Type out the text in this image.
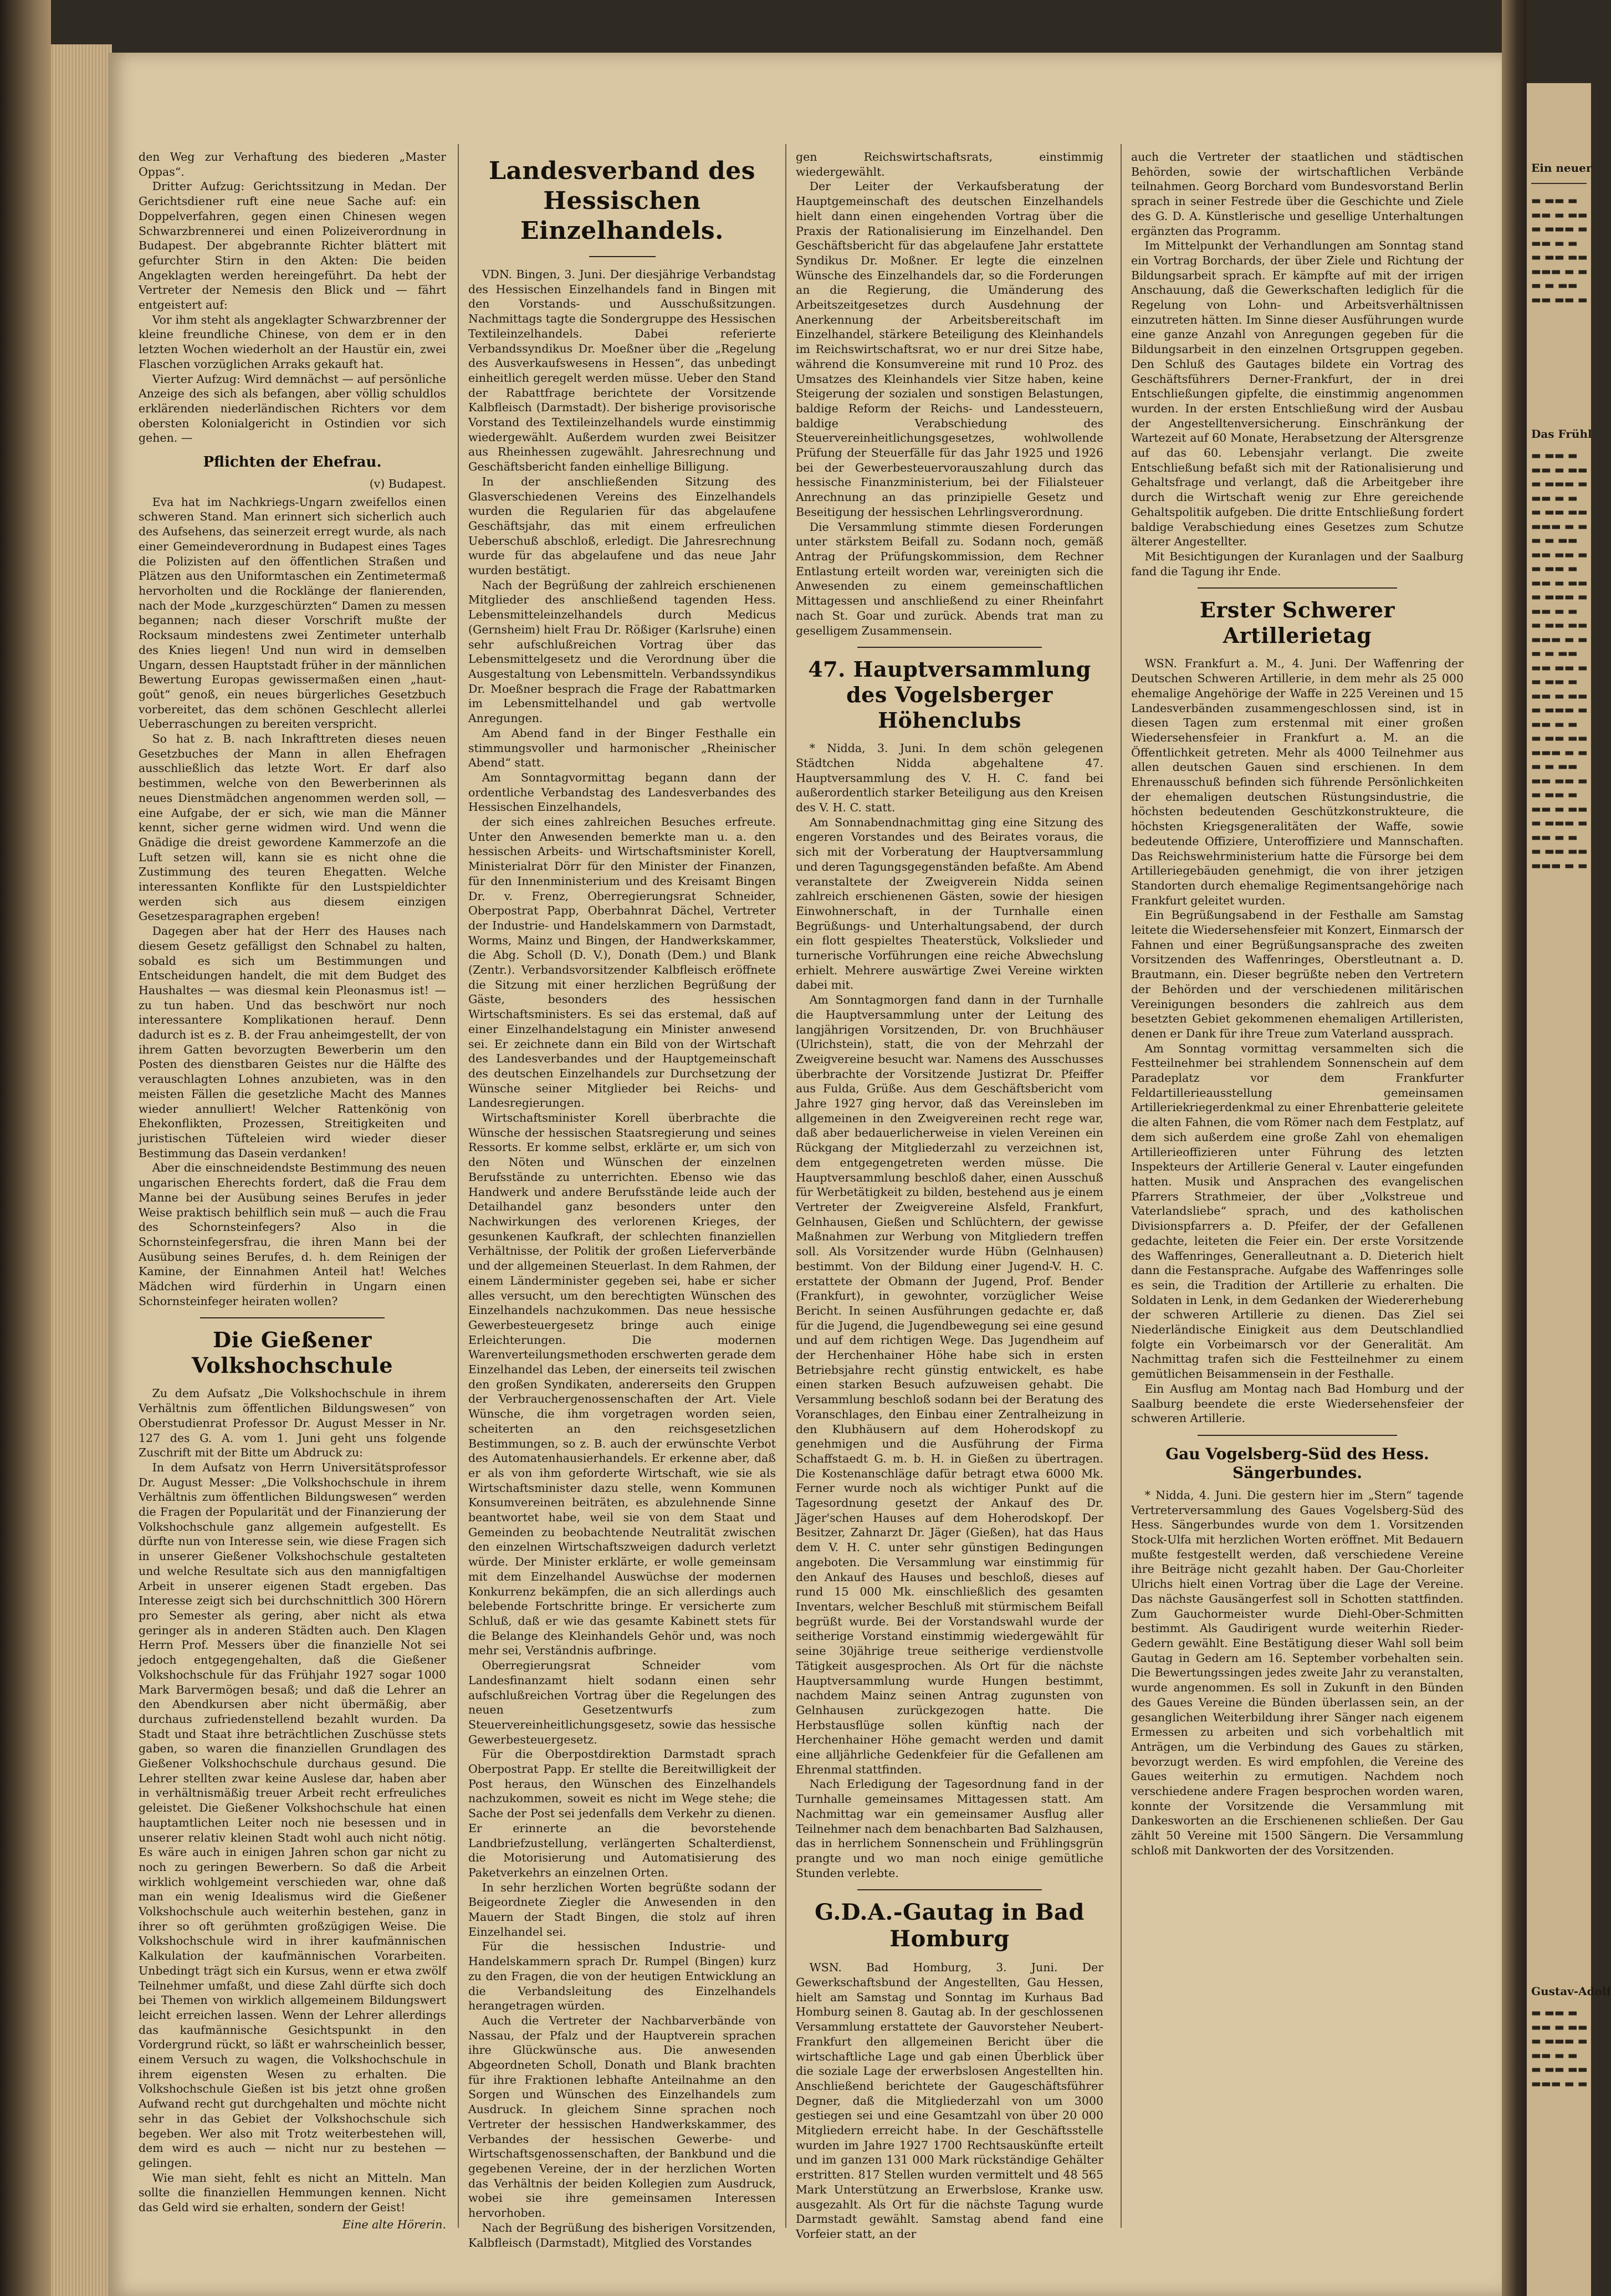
den Weg zur Verhaftung des biederen „Master Oppas“.

Dritter Aufzug: Gerichtssitzung in Medan. Der Gerichtsdiener ruft eine neue Sache auf: ein Doppelverfahren, gegen einen Chinesen wegen Schwarzbrennerei und einen Polizeiverordnung in Budapest. Der abgebrannte Richter blättert mit gefurchter Stirn in den Akten: Die beiden Angeklagten werden hereingeführt. Da hebt der Vertreter der Nemesis den Blick und — fährt entgeistert auf:

Vor ihm steht als angeklagter Schwarzbrenner der kleine freundliche Chinese, von dem er in den letzten Wochen wiederholt an der Haustür ein, zwei Flaschen vorzüglichen Arraks gekauft hat.

Vierter Aufzug: Wird demnächst — auf persönliche Anzeige des sich als befangen, aber völlig schuldlos erklärenden niederländischen Richters vor dem obersten Kolonialgericht in Ostindien vor sich gehen. —

Pflichten der Ehefrau.
(v) Budapest.

Eva hat im Nachkriegs-Ungarn zweifellos einen schweren Stand. Man erinnert sich sicherlich auch des Aufsehens, das seinerzeit erregt wurde, als nach einer Gemeindeverordnung in Budapest eines Tages die Polizisten auf den öffentlichen Straßen und Plätzen aus den Uniformtaschen ein Zentimetermaß hervorholten und die Rocklänge der flanierenden, nach der Mode „kurzgeschürzten“ Damen zu messen begannen; nach dieser Vorschrift mußte der Rocksaum mindestens zwei Zentimeter unterhalb des Knies liegen! Und nun wird in demselben Ungarn, dessen Hauptstadt früher in der männlichen Bewertung Europas gewissermaßen einen „haut-goût“ genoß, ein neues bürgerliches Gesetzbuch vorbereitet, das dem schönen Geschlecht allerlei Ueberraschungen zu bereiten verspricht.

So hat z. B. nach Inkrafttreten dieses neuen Gesetzbuches der Mann in allen Ehefragen ausschließlich das letzte Wort. Er darf also bestimmen, welche von den Bewerberinnen als neues Dienstmädchen angenommen werden soll, — eine Aufgabe, der er sich, wie man die Männer kennt, sicher gerne widmen wird. Und wenn die Gnädige die dreist gewordene Kammerzofe an die Luft setzen will, kann sie es nicht ohne die Zustimmung des teuren Ehegatten. Welche interessanten Konflikte für den Lustspieldichter werden sich aus diesem einzigen Gesetzesparagraphen ergeben!

Dagegen aber hat der Herr des Hauses nach diesem Gesetz gefälligst den Schnabel zu halten, sobald es sich um Bestimmungen und Entscheidungen handelt, die mit dem Budget des Haushaltes — was diesmal kein Pleonasmus ist! — zu tun haben. Und das beschwört nur noch interessantere Komplikationen herauf. Denn dadurch ist es z. B. der Frau anheimgestellt, der von ihrem Gatten bevorzugten Bewerberin um den Posten des dienstbaren Geistes nur die Hälfte des verauschlagten Lohnes anzubieten, was in den meisten Fällen die gesetzliche Macht des Mannes wieder annulliert! Welcher Rattenkönig von Ehekonflikten, Prozessen, Streitigkeiten und juristischen Tüfteleien wird wieder dieser Bestimmung das Dasein verdanken!

Aber die einschneidendste Bestimmung des neuen ungarischen Eherechts fordert, daß die Frau dem Manne bei der Ausübung seines Berufes in jeder Weise praktisch behilflich sein muß — auch die Frau des Schornsteinfegers? Also in die Schornsteinfegersfrau, die ihren Mann bei der Ausübung seines Berufes, d. h. dem Reinigen der Kamine, der Einnahmen Anteil hat! Welches Mädchen wird fürderhin in Ungarn einen Schornsteinfeger heiraten wollen?

Die Gießener Volkshochschule

Zu dem Aufsatz „Die Volkshochschule in ihrem Verhältnis zum öffentlichen Bildungswesen“ von Oberstudienrat Professor Dr. August Messer in Nr. 127 des G. A. vom 1. Juni geht uns folgende Zuschrift mit der Bitte um Abdruck zu:

In dem Aufsatz von Herrn Universitätsprofessor Dr. August Messer: „Die Volkshochschule in ihrem Verhältnis zum öffentlichen Bildungswesen“ werden die Fragen der Popularität und der Finanzierung der Volkshochschule ganz allgemein aufgestellt. Es dürfte nun von Interesse sein, wie diese Fragen sich in unserer Gießener Volkshochschule gestalteten und welche Resultate sich aus den mannigfaltigen Arbeit in unserer eigenen Stadt ergeben. Das Interesse zeigt sich bei durchschnittlich 300 Hörern pro Semester als gering, aber nicht als etwa geringer als in anderen Städten auch. Den Klagen Herrn Prof. Messers über die finanzielle Not sei jedoch entgegengehalten, daß die Gießener Volkshochschule für das Frühjahr 1927 sogar 1000 Mark Barvermögen besaß; und daß die Lehrer an den Abendkursen aber nicht übermäßig, aber durchaus zufriedenstellend bezahlt wurden. Da Stadt und Staat ihre beträchtlichen Zuschüsse stets gaben, so waren die finanziellen Grundlagen des Gießener Volkshochschule durchaus gesund. Die Lehrer stellten zwar keine Auslese dar, haben aber in verhältnismäßig treuer Arbeit recht erfreuliches geleistet. Die Gießener Volkshochschule hat einen hauptamtlichen Leiter noch nie besessen und in unserer relativ kleinen Stadt wohl auch nicht nötig. Es wäre auch in einigen Jahren schon gar nicht zu noch zu geringen Bewerbern. So daß die Arbeit wirklich wohlgemeint verschieden war, ohne daß man ein wenig Idealismus wird die Gießener Volkshochschule auch weiterhin bestehen, ganz in ihrer so oft gerühmten großzügigen Weise. Die Volkshochschule wird in ihrer kaufmännischen Kalkulation der kaufmännischen Vorarbeiten. Unbedingt trägt sich ein Kursus, wenn er etwa zwölf Teilnehmer umfaßt, und diese Zahl dürfte sich doch bei Themen von wirklich allgemeinem Bildungswert leicht erreichen lassen. Wenn der Lehrer allerdings das kaufmännische Gesichtspunkt in den Vordergrund rückt, so läßt er wahrscheinlich besser, einem Versuch zu wagen, die Volkshochschule in ihrem eigensten Wesen zu erhalten. Die Volkshochschule Gießen ist bis jetzt ohne großen Aufwand recht gut durchgehalten und möchte nicht sehr in das Gebiet der Volkshochschule sich begeben. Wer also mit Trotz weiterbestehen will, dem wird es auch — nicht nur zu bestehen — gelingen.

Wie man sieht, fehlt es nicht an Mitteln. Man sollte die finanziellen Hemmungen kennen. Nicht das Geld wird sie erhalten, sondern der Geist!

Eine alte Hörerin.
Landesverband des Hessischen Einzelhandels.

VDN. Bingen, 3. Juni. Der diesjährige Verbandstag des Hessischen Einzelhandels fand in Bingen mit den Vorstands- und Ausschußsitzungen. Nachmittags tagte die Sondergruppe des Hessischen Textileinzelhandels. Dabei referierte Verbandssyndikus Dr. Moeßner über die „Regelung des Ausverkaufswesens in Hessen“, das unbedingt einheitlich geregelt werden müsse. Ueber den Stand der Rabattfrage berichtete der Vorsitzende Kalbfleisch (Darmstadt). Der bisherige provisorische Vorstand des Textileinzelhandels wurde einstimmig wiedergewählt. Außerdem wurden zwei Beisitzer aus Rheinhessen zugewählt. Jahresrechnung und Geschäftsbericht fanden einhellige Billigung.

In der anschließenden Sitzung des Glasverschiedenen Vereins des Einzelhandels wurden die Regularien für das abgelaufene Geschäftsjahr, das mit einem erfreulichen Ueberschuß abschloß, erledigt. Die Jahresrechnung wurde für das abgelaufene und das neue Jahr wurden bestätigt.

Nach der Begrüßung der zahlreich erschienenen Mitglieder des anschließend tagenden Hess. Lebensmitteleinzelhandels durch Medicus (Gernsheim) hielt Frau Dr. Rößiger (Karlsruhe) einen sehr aufschlußreichen Vortrag über das Lebensmittelgesetz und die Verordnung über die Ausgestaltung von Lebensmitteln. Verbandssyndikus Dr. Moeßner besprach die Frage der Rabattmarken im Lebensmittelhandel und gab wertvolle Anregungen.

Am Abend fand in der Binger Festhalle ein stimmungsvoller und harmonischer „Rheinischer Abend“ statt.

Am Sonntagvormittag begann dann der ordentliche Verbandstag des Landesverbandes des Hessischen Einzelhandels,

der sich eines zahlreichen Besuches erfreute. Unter den Anwesenden bemerkte man u. a. den hessischen Arbeits- und Wirtschaftsminister Korell, Ministerialrat Dörr für den Minister der Finanzen, für den Innenministerium und des Kreisamt Bingen Dr. v. Frenz, Oberregierungsrat Schneider, Oberpostrat Papp, Oberbahnrat Dächel, Vertreter der Industrie- und Handelskammern von Darmstadt, Worms, Mainz und Bingen, der Handwerkskammer, die Abg. Scholl (D. V.), Donath (Dem.) und Blank (Zentr.). Verbandsvorsitzender Kalbfleisch eröffnete die Sitzung mit einer herzlichen Begrüßung der Gäste, besonders des hessischen Wirtschaftsministers. Es sei das erstemal, daß auf einer Einzelhandelstagung ein Minister anwesend sei. Er zeichnete dann ein Bild von der Wirtschaft des Landesverbandes und der Hauptgemeinschaft des deutschen Einzelhandels zur Durchsetzung der Wünsche seiner Mitglieder bei Reichs- und Landesregierungen.

Wirtschaftsminister Korell überbrachte die Wünsche der hessischen Staatsregierung und seines Ressorts. Er komme selbst, erklärte er, um sich von den Nöten und Wünschen der einzelnen Berufsstände zu unterrichten. Ebenso wie das Handwerk und andere Berufsstände leide auch der Detailhandel ganz besonders unter den Nachwirkungen des verlorenen Krieges, der gesunkenen Kaufkraft, der schlechten finanziellen Verhältnisse, der Politik der großen Lieferverbände und der allgemeinen Steuerlast. In dem Rahmen, der einem Länderminister gegeben sei, habe er sicher alles versucht, um den berechtigten Wünschen des Einzelhandels nachzukommen. Das neue hessische Gewerbesteuergesetz bringe auch einige Erleichterungen. Die modernen Warenverteilungsmethoden erschwerten gerade dem Einzelhandel das Leben, der einerseits teil zwischen den großen Syndikaten, andererseits den Gruppen der Verbrauchergenossenschaften der Art. Viele Wünsche, die ihm vorgetragen worden seien, scheiterten an den reichsgesetzlichen Bestimmungen, so z. B. auch der erwünschte Verbot des Automatenhausierhandels. Er erkenne aber, daß er als von ihm geforderte Wirtschaft, wie sie als Wirtschaftsminister dazu stelle, wenn Kommunen Konsumvereinen beiträten, es abzulehnende Sinne beantwortet habe, weil sie von dem Staat und Gemeinden zu beobachtende Neutralität zwischen den einzelnen Wirtschaftszweigen dadurch verletzt würde. Der Minister erklärte, er wolle gemeinsam mit dem Einzelhandel Auswüchse der modernen Konkurrenz bekämpfen, die an sich allerdings auch belebende Fortschritte bringe. Er versicherte zum Schluß, daß er wie das gesamte Kabinett stets für die Belange des Kleinhandels Gehör und, was noch mehr sei, Verständnis aufbringe.

Oberregierungsrat Schneider vom Landesfinanzamt hielt sodann einen sehr aufschlußreichen Vortrag über die Regelungen des neuen Gesetzentwurfs zum Steuervereinheitlichungsgesetz, sowie das hessische Gewerbesteuergesetz.

Für die Oberpostdirektion Darmstadt sprach Oberpostrat Papp. Er stellte die Bereitwilligkeit der Post heraus, den Wünschen des Einzelhandels nachzukommen, soweit es nicht im Wege stehe; die Sache der Post sei jedenfalls dem Verkehr zu dienen. Er erinnerte an die bevorstehende Landbriefzustellung, verlängerten Schalterdienst, die Motorisierung und Automatisierung des Paketverkehrs an einzelnen Orten.

In sehr herzlichen Worten begrüßte sodann der Beigeordnete Ziegler die Anwesenden in den Mauern der Stadt Bingen, die stolz auf ihren Einzelhandel sei.

Für die hessischen Industrie- und Handelskammern sprach Dr. Rumpel (Bingen) kurz zu den Fragen, die von der heutigen Entwicklung an die Verbandsleitung des Einzelhandels herangetragen würden.

Auch die Vertreter der Nachbarverbände von Nassau, der Pfalz und der Hauptverein sprachen ihre Glückwünsche aus. Die anwesenden Abgeordneten Scholl, Donath und Blank brachten für ihre Fraktionen lebhafte Anteilnahme an den Sorgen und Wünschen des Einzelhandels zum Ausdruck. In gleichem Sinne sprachen noch Vertreter der hessischen Handwerkskammer, des Verbandes der hessischen Gewerbe- und Wirtschaftsgenossenschaften, der Bankbund und die gegebenen Vereine, der in der herzlichen Worten das Verhältnis der beiden Kollegien zum Ausdruck, wobei sie ihre gemeinsamen Interessen hervorhoben.

Nach der Begrüßung des bisherigen Vorsitzenden, Kalbfleisch (Darmstadt), Mitglied des Vorstandes

gen Reichswirtschaftsrats, einstimmig wiedergewählt.

Der Leiter der Verkaufsberatung der Hauptgemeinschaft des deutschen Einzelhandels hielt dann einen eingehenden Vortrag über die Praxis der Rationalisierung im Einzelhandel. Den Geschäftsbericht für das abgelaufene Jahr erstattete Syndikus Dr. Moßner. Er legte die einzelnen Wünsche des Einzelhandels dar, so die Forderungen an die Regierung, die Umänderung des Arbeitszeitgesetzes durch Ausdehnung der Anerkennung der Arbeitsbereitschaft im Einzelhandel, stärkere Beteiligung des Kleinhandels im Reichswirtschaftsrat, wo er nur drei Sitze habe, während die Konsumvereine mit rund 10 Proz. des Umsatzes des Kleinhandels vier Sitze haben, keine Steigerung der sozialen und sonstigen Belastungen, baldige Reform der Reichs- und Landessteuern, baldige Verabschiedung des Steuervereinheitlichungsgesetzes, wohlwollende Prüfung der Steuerfälle für das Jahr 1925 und 1926 bei der Gewerbesteuervorauszahlung durch das hessische Finanzministerium, bei der Filialsteuer Anrechnung an das prinzipielle Gesetz und Beseitigung der hessischen Lehrlingsverordnung.

Die Versammlung stimmte diesen Forderungen unter stärkstem Beifall zu. Sodann noch, gemäß Antrag der Prüfungskommission, dem Rechner Entlastung erteilt worden war, vereinigten sich die Anwesenden zu einem gemeinschaftlichen Mittagessen und anschließend zu einer Rheinfahrt nach St. Goar und zurück. Abends trat man zu geselligem Zusammensein.

47. Hauptversammlung des Vogelsberger Höhenclubs

* Nidda, 3. Juni. In dem schön gelegenen Städtchen Nidda abgehaltene 47. Hauptversammlung des V. H. C. fand bei außerordentlich starker Beteiligung aus den Kreisen des V. H. C. statt.

Am Sonnabendnachmittag ging eine Sitzung des engeren Vorstandes und des Beirates voraus, die sich mit der Vorberatung der Hauptversammlung und deren Tagungsgegenständen befaßte. Am Abend veranstaltete der Zweigverein Nidda seinen zahlreich erschienenen Gästen, sowie der hiesigen Einwohnerschaft, in der Turnhalle einen Begrüßungs- und Unterhaltungsabend, der durch ein flott gespieltes Theaterstück, Volkslieder und turnerische Vorführungen eine reiche Abwechslung erhielt. Mehrere auswärtige Zwei Vereine wirkten dabei mit.

Am Sonntagmorgen fand dann in der Turnhalle die Hauptversammlung unter der Leitung des langjährigen Vorsitzenden, Dr. von Bruchhäuser (Ulrichstein), statt, die von der Mehrzahl der Zweigvereine besucht war. Namens des Ausschusses überbrachte der Vorsitzende Justizrat Dr. Pfeiffer aus Fulda, Grüße. Aus dem Geschäftsbericht vom Jahre 1927 ging hervor, daß das Vereinsleben im allgemeinen in den Zweigvereinen recht rege war, daß aber bedauerlicherweise in vielen Vereinen ein Rückgang der Mitgliederzahl zu verzeichnen ist, dem entgegengetreten werden müsse. Die Hauptversammlung beschloß daher, einen Ausschuß für Werbetätigkeit zu bilden, bestehend aus je einem Vertreter der Zweigvereine Alsfeld, Frankfurt, Gelnhausen, Gießen und Schlüchtern, der gewisse Maßnahmen zur Werbung von Mitgliedern treffen soll. Als Vorsitzender wurde Hübn (Gelnhausen) bestimmt. Von der Bildung einer Jugend-V. H. C. erstattete der Obmann der Jugend, Prof. Bender (Frankfurt), in gewohnter, vorzüglicher Weise Bericht. In seinen Ausführungen gedachte er, daß für die Jugend, die Jugendbewegung sei eine gesund und auf dem richtigen Wege. Das Jugendheim auf der Herchenhainer Höhe habe sich in ersten Betriebsjahre recht günstig entwickelt, es habe einen starken Besuch aufzuweisen gehabt. Die Versammlung beschloß sodann bei der Beratung des Voranschlages, den Einbau einer Zentralheizung in den Klubhäusern auf dem Hoherodskopf zu genehmigen und die Ausführung der Firma Schaffstaedt G. m. b. H. in Gießen zu übertragen. Die Kostenanschläge dafür betragt etwa 6000 Mk. Ferner wurde noch als wichtiger Punkt auf die Tagesordnung gesetzt der Ankauf des Dr. Jäger'schen Hauses auf dem Hoherodskopf. Der Besitzer, Zahnarzt Dr. Jäger (Gießen), hat das Haus dem V. H. C. unter sehr günstigen Bedingungen angeboten. Die Versammlung war einstimmig für den Ankauf des Hauses und beschloß, dieses auf rund 15 000 Mk. einschließlich des gesamten Inventars, welcher Beschluß mit stürmischem Beifall begrüßt wurde. Bei der Vorstandswahl wurde der seitherige Vorstand einstimmig wiedergewählt für seine 30jährige treue seitherige verdienstvolle Tätigkeit ausgesprochen. Als Ort für die nächste Hauptversammlung wurde Hungen bestimmt, nachdem Mainz seinen Antrag zugunsten von Gelnhausen zurückgezogen hatte. Die Herbstausflüge sollen künftig nach der Herchenhainer Höhe gemacht werden und damit eine alljährliche Gedenkfeier für die Gefallenen am Ehrenmal stattfinden.

Nach Erledigung der Tagesordnung fand in der Turnhalle gemeinsames Mittagessen statt. Am Nachmittag war ein gemeinsamer Ausflug aller Teilnehmer nach dem benachbarten Bad Salzhausen, das in herrlichem Sonnenschein und Frühlingsgrün prangte und wo man noch einige gemütliche Stunden verlebte.

G.D.A.-Gautag in Bad Homburg

WSN. Bad Homburg, 3. Juni. Der Gewerkschaftsbund der Angestellten, Gau Hessen, hielt am Samstag und Sonntag im Kurhaus Bad Homburg seinen 8. Gautag ab. In der geschlossenen Versammlung erstattete der Gauvorsteher Neubert-Frankfurt den allgemeinen Bericht über die wirtschaftliche Lage und gab einen Überblick über die soziale Lage der erwerbslosen Angestellten hin. Anschließend berichtete der Gaugeschäftsführer Degner, daß die Mitgliederzahl von um 3000 gestiegen sei und eine Gesamtzahl von über 20 000 Mitgliedern erreicht habe. In der Geschäftsstelle wurden im Jahre 1927 1700 Rechtsauskünfte erteilt und im ganzen 131 000 Mark rückständige Gehälter erstritten. 817 Stellen wurden vermittelt und 48 565 Mark Unterstützung an Erwerbslose, Kranke usw. ausgezahlt. Als Ort für die nächste Tagung wurde Darmstadt gewählt. Samstag abend fand eine Vorfeier statt, an der

auch die Vertreter der staatlichen und städtischen Behörden, sowie der wirtschaftlichen Verbände teilnahmen. Georg Borchard vom Bundesvorstand Berlin sprach in seiner Festrede über die Geschichte und Ziele des G. D. A. Künstlerische und gesellige Unterhaltungen ergänzten das Programm.

Im Mittelpunkt der Verhandlungen am Sonntag stand ein Vortrag Borchards, der über Ziele und Richtung der Bildungsarbeit sprach. Er kämpfte auf mit der irrigen Anschauung, daß die Gewerkschaften lediglich für die Regelung von Lohn- und Arbeitsverhältnissen einzutreten hätten. Im Sinne dieser Ausführungen wurde eine ganze Anzahl von Anregungen gegeben für die Bildungsarbeit in den einzelnen Ortsgruppen gegeben. Den Schluß des Gautages bildete ein Vortrag des Geschäftsführers Derner-Frankfurt, der in drei Entschließungen gipfelte, die einstimmig angenommen wurden. In der ersten Entschließung wird der Ausbau der Angestelltenversicherung. Einschränkung der Wartezeit auf 60 Monate, Herabsetzung der Altersgrenze auf das 60. Lebensjahr verlangt. Die zweite Entschließung befaßt sich mit der Rationalisierung und Gehaltsfrage und verlangt, daß die Arbeitgeber ihre durch die Wirtschaft wenig zur Ehre gereichende Gehaltspolitik aufgeben. Die dritte Entschließung fordert baldige Verabschiedung eines Gesetzes zum Schutze älterer Angestellter.

Mit Besichtigungen der Kuranlagen und der Saalburg fand die Tagung ihr Ende.

Erster Schwerer Artillerietag

WSN. Frankfurt a. M., 4. Juni. Der Waffenring der Deutschen Schweren Artillerie, in dem mehr als 25 000 ehemalige Angehörige der Waffe in 225 Vereinen und 15 Landesverbänden zusammengeschlossen sind, ist in diesen Tagen zum erstenmal mit einer großen Wiedersehensfeier in Frankfurt a. M. an die Öffentlichkeit getreten. Mehr als 4000 Teilnehmer aus allen deutschen Gauen sind erschienen. In dem Ehrenausschuß befinden sich führende Persönlichkeiten der ehemaligen deutschen Rüstungsindustrie, die höchsten bedeutenden Geschützkonstrukteure, die höchsten Kriegsgeneralitäten der Waffe, sowie bedeutende Offiziere, Unteroffiziere und Mannschaften. Das Reichswehrministerium hatte die Fürsorge bei dem Artilleriegebäuden genehmigt, die von ihrer jetzigen Standorten durch ehemalige Regimentsangehörige nach Frankfurt geleitet wurden.

Ein Begrüßungsabend in der Festhalle am Samstag leitete die Wiedersehensfeier mit Konzert, Einmarsch der Fahnen und einer Begrüßungsansprache des zweiten Vorsitzenden des Waffenringes, Oberstleutnant a. D. Brautmann, ein. Dieser begrüßte neben den Vertretern der Behörden und der verschiedenen militärischen Vereinigungen besonders die zahlreich aus dem besetzten Gebiet gekommenen ehemaligen Artilleristen, denen er Dank für ihre Treue zum Vaterland aussprach.

Am Sonntag vormittag versammelten sich die Festteilnehmer bei strahlendem Sonnenschein auf dem Paradeplatz vor dem Frankfurter Feldartillerieausstellung gemeinsamen Artilleriekriegerdenkmal zu einer Ehrenbatterie geleitete die alten Fahnen, die vom Römer nach dem Festplatz, auf dem sich außerdem eine große Zahl von ehemaligen Artillerieoffizieren unter Führung des letzten Inspekteurs der Artillerie General v. Lauter eingefunden hatten. Musik und Ansprachen des evangelischen Pfarrers Strathmeier, der über „Volkstreue und Vaterlandsliebe“ sprach, und des katholischen Divisionspfarrers a. D. Pfeifer, der der Gefallenen gedachte, leiteten die Feier ein. Der erste Vorsitzende des Waffenringes, Generalleutnant a. D. Dieterich hielt dann die Festansprache. Aufgabe des Waffenringes solle es sein, die Tradition der Artillerie zu erhalten. Die Soldaten in Lenk, in dem Gedanken der Wiedererhebung der schweren Artillerie zu dienen. Das Ziel sei Niederländische Einigkeit aus dem Deutschlandlied folgte ein Vorbeimarsch vor der Generalität. Am Nachmittag trafen sich die Festteilnehmer zu einem gemütlichen Beisammensein in der Festhalle.

Ein Ausflug am Montag nach Bad Homburg und der Saalburg beendete die erste Wiedersehensfeier der schweren Artillerie.

Gau Vogelsberg-Süd des Hess. Sängerbundes.

* Nidda, 4. Juni. Die gestern hier im „Stern“ tagende Vertreterversammlung des Gaues Vogelsberg-Süd des Hess. Sängerbundes wurde von dem 1. Vorsitzenden Stock-Ulfa mit herzlichen Worten eröffnet. Mit Bedauern mußte festgestellt werden, daß verschiedene Vereine ihre Beiträge nicht gezahlt haben. Der Gau-Chorleiter Ulrichs hielt einen Vortrag über die Lage der Vereine. Das nächste Gausängerfest soll in Schotten stattfinden. Zum Gauchormeister wurde Diehl-Ober-Schmitten bestimmt. Als Gaudirigent wurde weiterhin Rieder-Gedern gewählt. Eine Bestätigung dieser Wahl soll beim Gautag in Gedern am 16. September vorbehalten sein. Die Bewertungssingen jedes zweite Jahr zu veranstalten, wurde angenommen. Es soll in Zukunft in den Bünden des Gaues Vereine die Bünden überlassen sein, an der gesanglichen Weiterbildung ihrer Sänger nach eigenem Ermessen zu arbeiten und sich vorbehaltlich mit Anträgen, um die Verbindung des Gaues zu stärken, bevorzugt werden. Es wird empfohlen, die Vereine des Gaues weiterhin zu ermutigen. Nachdem noch verschiedene andere Fragen besprochen worden waren, konnte der Vorsitzende die Versammlung mit Dankesworten an die Erschienenen schließen. Der Gau zählt 50 Vereine mit 1500 Sängern. Die Versammlung schloß mit Dankworten der des Vorsitzenden.

Ein neuer
▬ ▬▬ ▬
▬▬ ▬ ▬▬
▬ ▬▬▬ ▬
▬▬ ▬ ▬
▬ ▬▬ ▬▬
▬▬▬ ▬ ▬
▬ ▬ ▬▬
▬▬ ▬▬ ▬
Das Frühl
▬ ▬▬ ▬
▬▬ ▬ ▬▬
▬ ▬▬▬ ▬
▬▬ ▬ ▬
▬ ▬▬ ▬▬
▬▬▬ ▬ ▬
▬ ▬ ▬▬
▬▬ ▬▬ ▬
▬ ▬▬ ▬
▬▬ ▬ ▬▬
▬ ▬▬▬ ▬
▬▬ ▬ ▬
▬ ▬▬ ▬▬
▬▬▬ ▬ ▬
▬ ▬ ▬▬
▬▬ ▬▬ ▬
▬ ▬▬ ▬
▬▬ ▬ ▬▬
▬ ▬▬▬ ▬
▬▬ ▬ ▬
▬ ▬▬ ▬▬
▬▬▬ ▬ ▬
▬ ▬ ▬▬
▬▬ ▬▬ ▬
▬ ▬▬ ▬
▬▬ ▬ ▬▬
▬ ▬▬▬ ▬
▬▬ ▬ ▬
▬ ▬▬ ▬▬
▬▬▬ ▬ ▬
Gustav-Adolf
▬ ▬▬ ▬
▬▬ ▬ ▬▬
▬ ▬▬▬ ▬
▬▬ ▬ ▬
▬ ▬▬ ▬▬
▬▬▬ ▬ ▬
